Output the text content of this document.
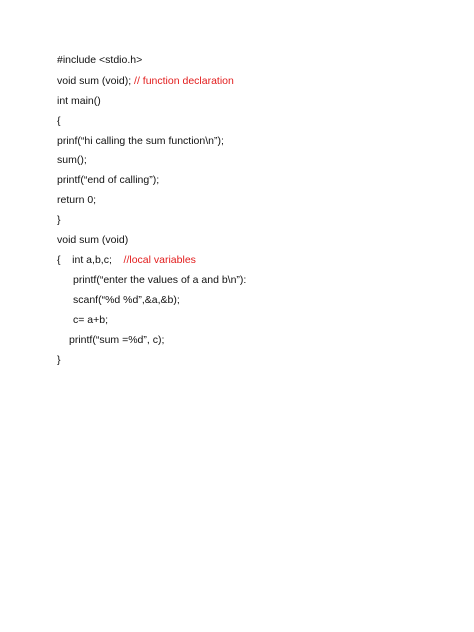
#include <stdio.h>
void sum (void); // function declaration
int main()
{
prinf(“hi calling the sum function\n”);
sum();
printf(“end of calling”);
return 0;
}
void sum (void)
{    int a,b,c;    //local variables
printf(“enter the values of a and b\n”):
scanf(“%d %d”,&a,&b);
c= a+b;
printf(“sum =%d”, c);
}
